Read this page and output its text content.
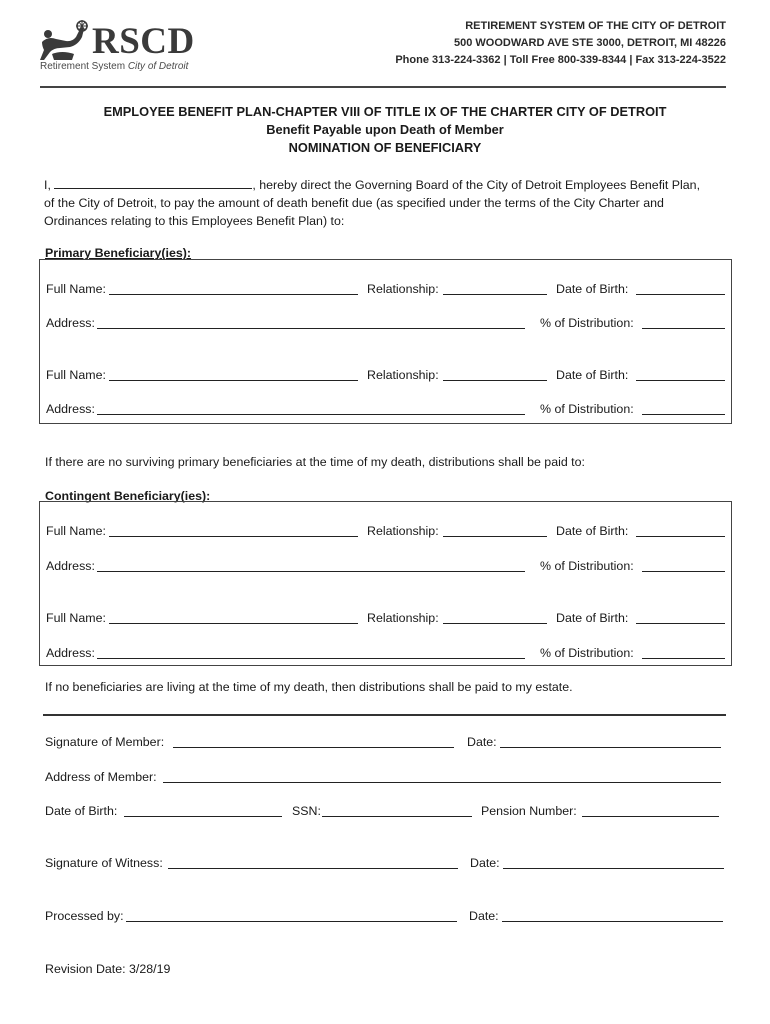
RSCD
Retirement System City of Detroit
RETIREMENT SYSTEM OF THE CITY OF DETROIT
500 WOODWARD AVE STE 3000, DETROIT, MI 48226
Phone 313-224-3362 | Toll Free 800-339-8344 | Fax 313-224-3522
EMPLOYEE BENEFIT PLAN-CHAPTER VIII OF TITLE IX OF THE CHARTER CITY OF DETROIT
Benefit Payable upon Death of Member
NOMINATION OF BENEFICIARY
I,	, hereby direct the Governing Board of the City of Detroit Employees Benefit Plan,
of the City of Detroit, to pay the amount of death benefit due (as specified under the terms of the City Charter and
Ordinances relating to this Employees Benefit Plan) to:
Primary Beneficiary(ies):
Full Name:	Relationship:	Date of Birth:
Address:	% of Distribution:
Full Name:	Relationship:	Date of Birth:
Address:	% of Distribution:
If there are no surviving primary beneficiaries at the time of my death, distributions shall be paid to:
Contingent Beneficiary(ies):
Full Name:	Relationship:	Date of Birth:
Address:	% of Distribution:
Full Name:	Relationship:	Date of Birth:
Address:	% of Distribution:
If no beneficiaries are living at the time of my death, then distributions shall be paid to my estate.
Signature of Member:	Date:
Address of Member:
Date of Birth:	SSN:	Pension Number:
Signature of Witness:	Date:
Processed by:	Date:
Revision Date: 3/28/19
